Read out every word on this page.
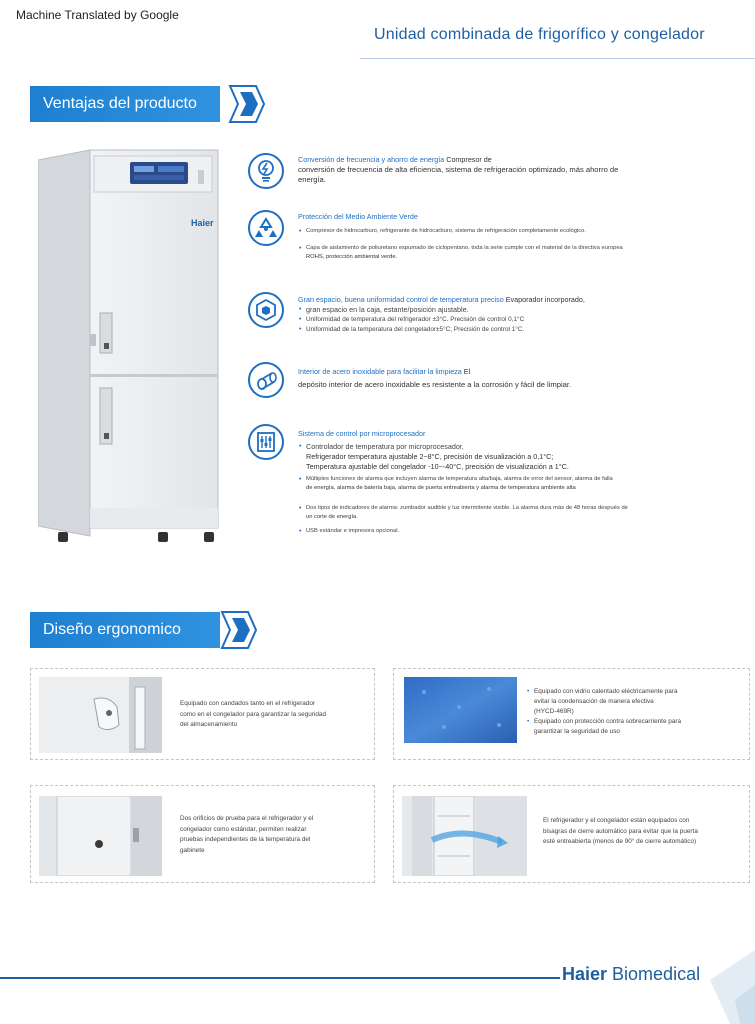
Machine Translated by Google
Unidad combinada de frigorífico y congelador
Ventajas del producto
Haier
Conversión de frecuencia y ahorro de energía Compresor de
conversión de frecuencia de alta eficiencia, sistema de refrigeración optimizado, más ahorro de
energía.
Protección del Medio Ambiente Verde
• Compresor de hidrocarburo, refrigerante de hidrocarburo, sistema de refrigeración completamente ecológico.
• Capa de aislamiento de poliuretano espumado de ciclopentano, toda la serie cumple con el material de la directiva europea
ROHS, protección ambiental verde.
Gran espacio, buena uniformidad control de temperatura preciso Evaporador incorporado,
• gran espacio en la caja, estante/posición ajustable.
• Uniformidad de temperatura del refrigerador ±3°C. Precisión de control 0,1°C
• Uniformidad de la temperatura del congelador±5°C; Precisión de control 1°C.
Interior de acero inoxidable para facilitar la limpieza El
depósito interior de acero inoxidable es resistente a la corrosión y fácil de limpiar.
Sistema de control por microprocesador
• Controlador de temperatura por microprocesador,
Refrigerador temperatura ajustable 2~8°C, precisión de visualización a 0,1°C;
Temperatura ajustable del congelador -10~-40°C, precisión de visualización a 1°C.
• Múltiples funciones de alarma que incluyen alarma de temperatura alta/baja, alarma de error del sensor, alarma de falla
de energía, alarma de batería baja, alarma de puerta entreabierta y alarma de temperatura ambiente alta
• Dos tipos de indicadores de alarma: zumbador audible y luz intermitente visible. La alarma dura más de 48 horas después de
un corte de energía.
• USB estándar e impresora opcional.
Diseño ergonomico
Equipado con candados tanto en el refrigerador
como en el congelador para garantizar la seguridad
del almacenamiento
• Equipado con vidrio calentado eléctricamente para
evitar la condensación de manera efectiva
(HYCD-469R)
• Equipado con protección contra sobrecarriente para
garantizar la seguridad de uso
Dos orificios de prueba para el refrigerador y el
congelador como estándar, permiten realizar
pruebas independientes de la temperatura del
gabinete
El refrigerador y el congelador están equipados con
bisagras de cierre automático para evitar que la puerta
esté entreabierta (menos de 90° de cierre automático)
Haier Biomedical
